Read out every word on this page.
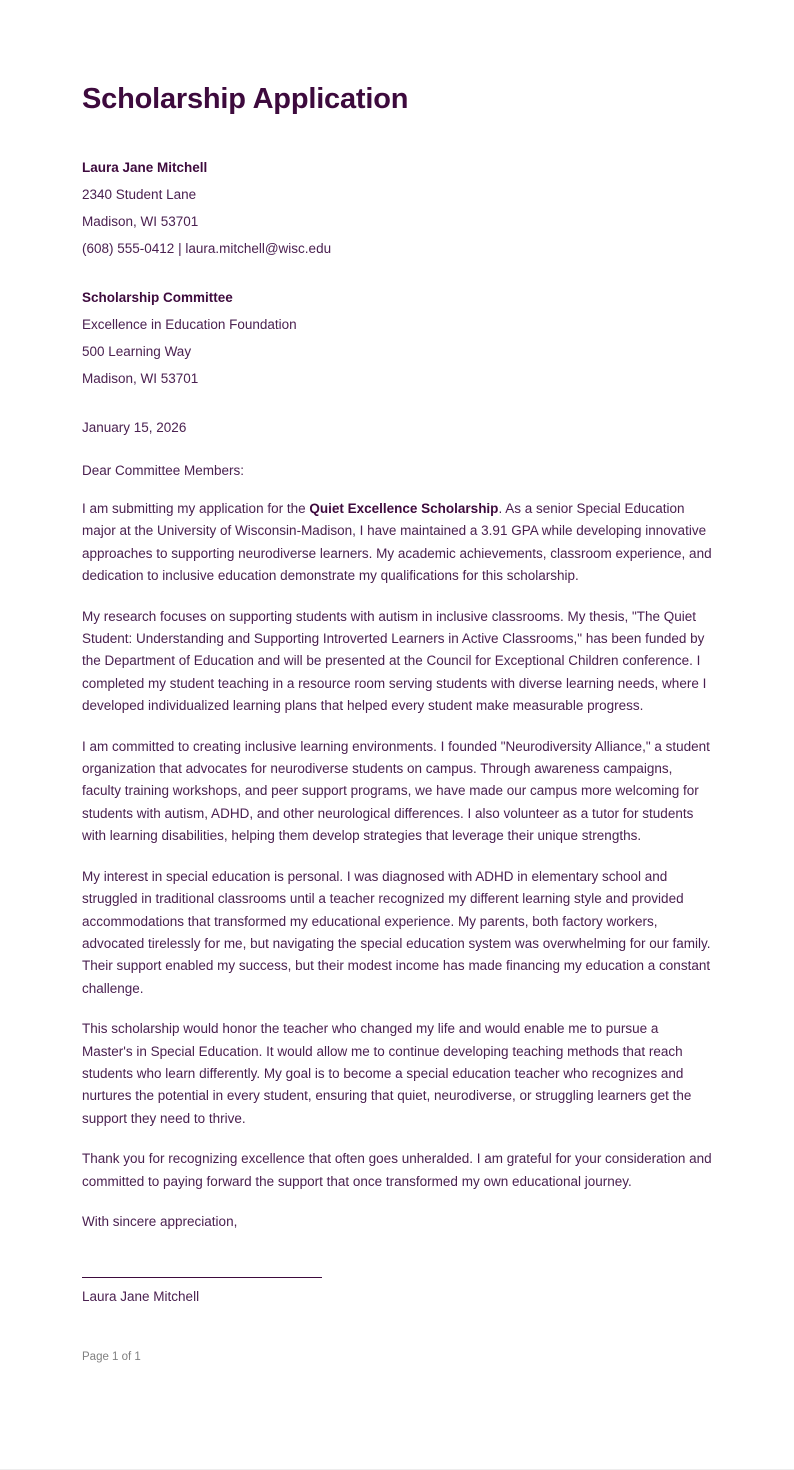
Scholarship Application
Laura Jane Mitchell
2340 Student Lane
Madison, WI 53701
(608) 555-0412 | laura.mitchell@wisc.edu
Scholarship Committee
Excellence in Education Foundation
500 Learning Way
Madison, WI 53701
January 15, 2026
Dear Committee Members:

I am submitting my application for the Quiet Excellence Scholarship. As a senior Special Education major at the University of Wisconsin-Madison, I have maintained a 3.91 GPA while developing innovative approaches to supporting neurodiverse learners. My academic achievements, classroom experience, and dedication to inclusive education demonstrate my qualifications for this scholarship.

My research focuses on supporting students with autism in inclusive classrooms. My thesis, "The Quiet Student: Understanding and Supporting Introverted Learners in Active Classrooms," has been funded by the Department of Education and will be presented at the Council for Exceptional Children conference. I completed my student teaching in a resource room serving students with diverse learning needs, where I developed individualized learning plans that helped every student make measurable progress.

I am committed to creating inclusive learning environments. I founded "Neurodiversity Alliance," a student organization that advocates for neurodiverse students on campus. Through awareness campaigns, faculty training workshops, and peer support programs, we have made our campus more welcoming for students with autism, ADHD, and other neurological differences. I also volunteer as a tutor for students with learning disabilities, helping them develop strategies that leverage their unique strengths.

My interest in special education is personal. I was diagnosed with ADHD in elementary school and struggled in traditional classrooms until a teacher recognized my different learning style and provided accommodations that transformed my educational experience. My parents, both factory workers, advocated tirelessly for me, but navigating the special education system was overwhelming for our family. Their support enabled my success, but their modest income has made financing my education a constant challenge.

This scholarship would honor the teacher who changed my life and would enable me to pursue a Master's in Special Education. It would allow me to continue developing teaching methods that reach students who learn differently. My goal is to become a special education teacher who recognizes and nurtures the potential in every student, ensuring that quiet, neurodiverse, or struggling learners get the support they need to thrive.

Thank you for recognizing excellence that often goes unheralded. I am grateful for your consideration and committed to paying forward the support that once transformed my own educational journey.

With sincere appreciation,
Laura Jane Mitchell
Page 1 of 1
